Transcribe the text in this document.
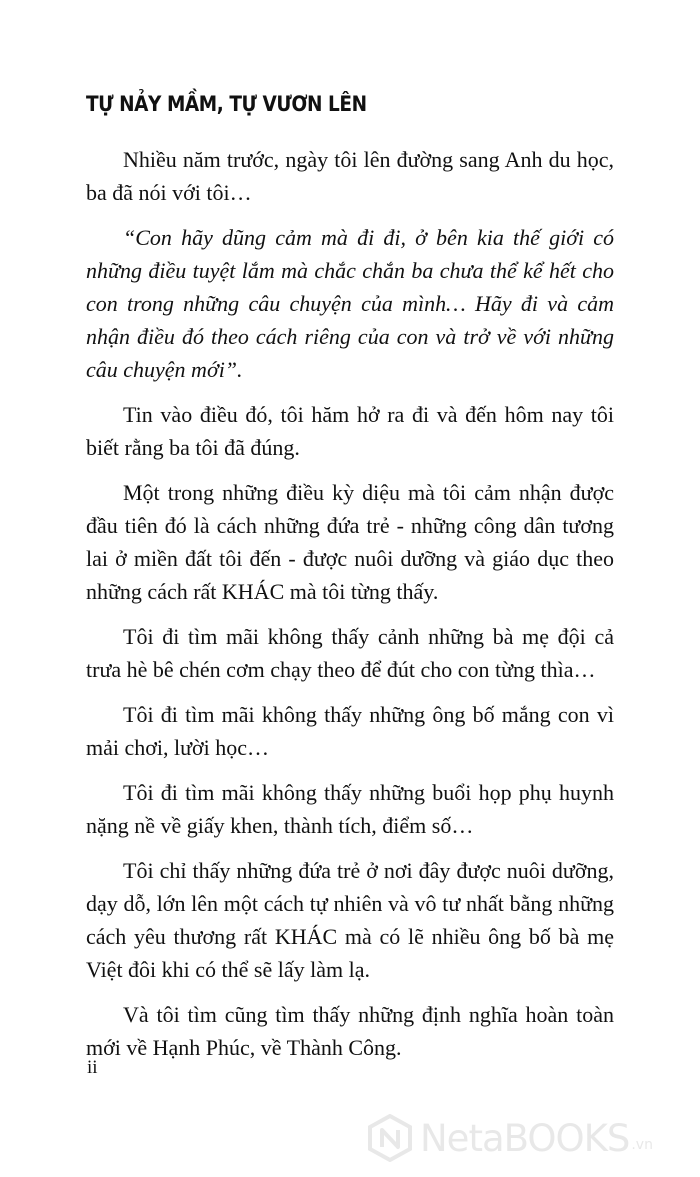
TỰ NẢY MẦM, TỰ VƯƠN LÊN

Nhiều năm trước, ngày tôi lên đường sang Anh du học, ba đã nói với tôi…

“Con hãy dũng cảm mà đi đi, ở bên kia thế giới có những điều tuyệt lắm mà chắc chắn ba chưa thể kể hết cho con trong những câu chuyện của mình… Hãy đi và cảm nhận điều đó theo cách riêng của con và trở về với những câu chuyện mới”.

Tin vào điều đó, tôi hăm hở ra đi và đến hôm nay tôi biết rằng ba tôi đã đúng.

Một trong những điều kỳ diệu mà tôi cảm nhận được đầu tiên đó là cách những đứa trẻ - những công dân tương lai ở miền đất tôi đến - được nuôi dưỡng và giáo dục theo những cách rất KHÁC mà tôi từng thấy.

Tôi đi tìm mãi không thấy cảnh những bà mẹ đội cả trưa hè bê chén cơm chạy theo để đút cho con từng thìa…

Tôi đi tìm mãi không thấy những ông bố mắng con vì mải chơi, lười học…

Tôi đi tìm mãi không thấy những buổi họp phụ huynh nặng nề về giấy khen, thành tích, điểm số…

Tôi chỉ thấy những đứa trẻ ở nơi đây được nuôi dưỡng, dạy dỗ, lớn lên một cách tự nhiên và vô tư nhất bằng những cách yêu thương rất KHÁC mà có lẽ nhiều ông bố bà mẹ Việt đôi khi có thể sẽ lấy làm lạ.

Và tôi tìm cũng tìm thấy những định nghĩa hoàn toàn mới về Hạnh Phúc, về Thành Công.

ii
NetaBOOKS .vn
